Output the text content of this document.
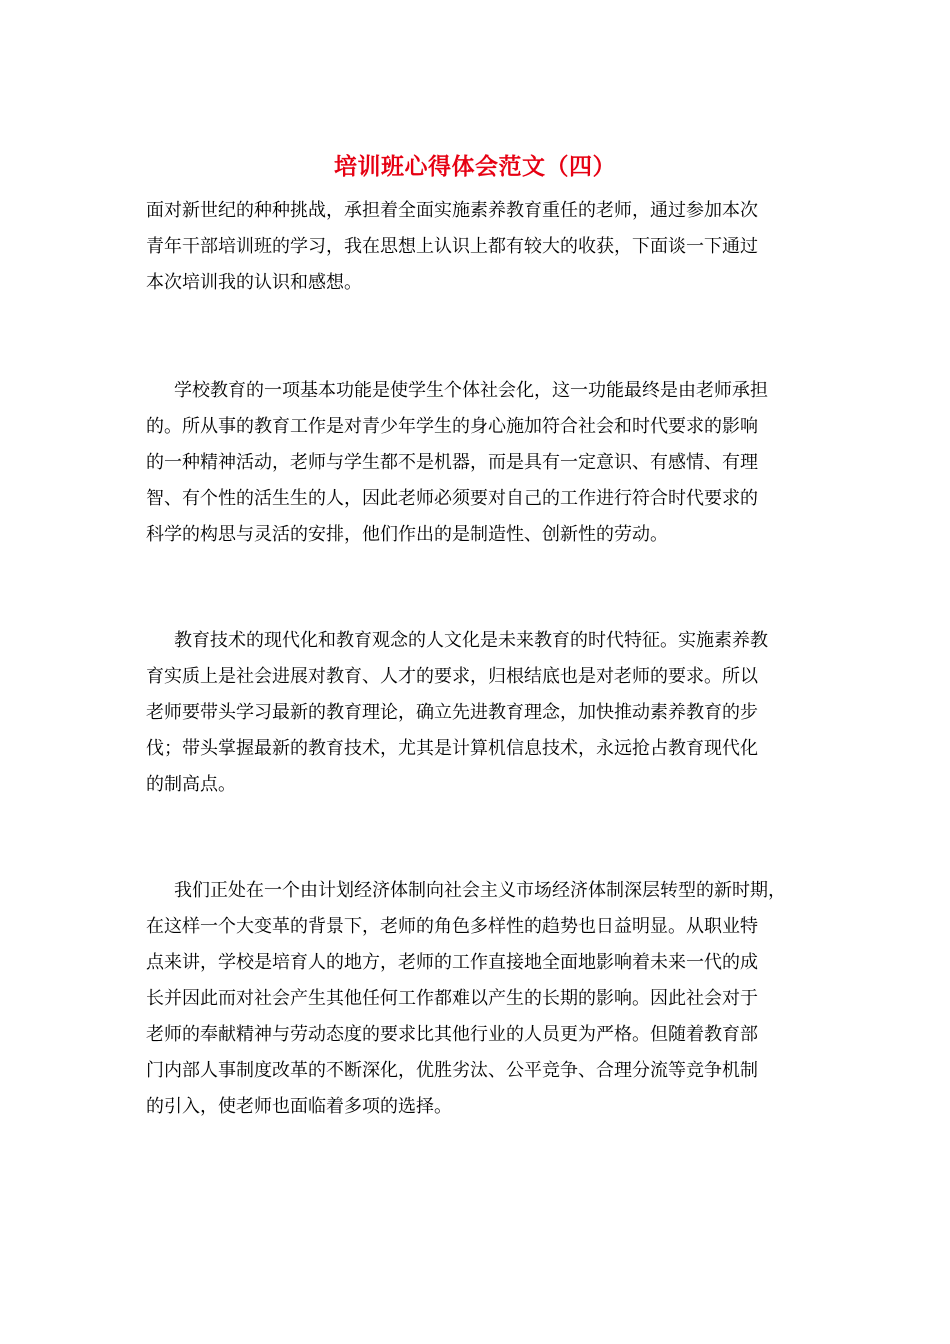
培训班心得体会范文（四）
面对新世纪的种种挑战，承担着全面实施素养教育重任的老师，通过参加本次
青年干部培训班的学习，我在思想上认识上都有较大的收获，下面谈一下通过
本次培训我的认识和感想。
学校教育的一项基本功能是使学生个体社会化，这一功能最终是由老师承担
的。所从事的教育工作是对青少年学生的身心施加符合社会和时代要求的影响
的一种精神活动，老师与学生都不是机器，而是具有一定意识、有感情、有理
智、有个性的活生生的人，因此老师必须要对自己的工作进行符合时代要求的
科学的构思与灵活的安排，他们作出的是制造性、创新性的劳动。
教育技术的现代化和教育观念的人文化是未来教育的时代特征。实施素养教
育实质上是社会进展对教育、人才的要求，归根结底也是对老师的要求。所以
老师要带头学习最新的教育理论，确立先进教育理念，加快推动素养教育的步
伐；带头掌握最新的教育技术，尤其是计算机信息技术，永远抢占教育现代化
的制高点。
我们正处在一个由计划经济体制向社会主义市场经济体制深层转型的新时期，
在这样一个大变革的背景下，老师的角色多样性的趋势也日益明显。从职业特
点来讲，学校是培育人的地方，老师的工作直接地全面地影响着未来一代的成
长并因此而对社会产生其他任何工作都难以产生的长期的影响。因此社会对于
老师的奉献精神与劳动态度的要求比其他行业的人员更为严格。但随着教育部
门内部人事制度改革的不断深化，优胜劣汰、公平竞争、合理分流等竞争机制
的引入，使老师也面临着多项的选择。
